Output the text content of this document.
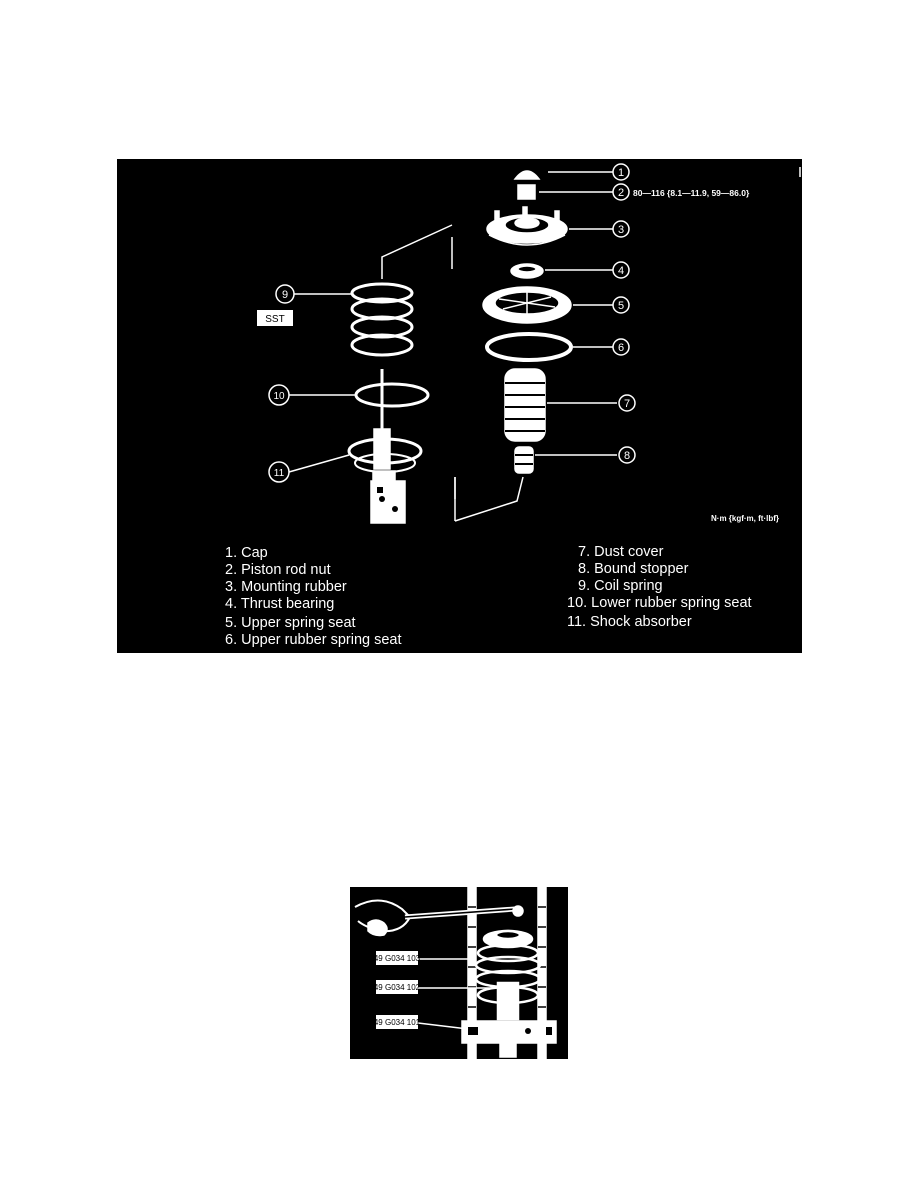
1
2
3
4
5
6
7
8
9
10
11
80—116 {8.1—11.9, 59—86.0}
N·m {kgf·m, ft·lbf}
SST
1. Cap
2. Piston rod nut
3. Mounting rubber
4. Thrust bearing
5. Upper spring seat
6. Upper rubber spring seat
7. Dust cover
8. Bound stopper
9. Coil spring
10. Lower rubber spring seat
11. Shock absorber
49 G034 103
49 G034 102
49 G034 101
